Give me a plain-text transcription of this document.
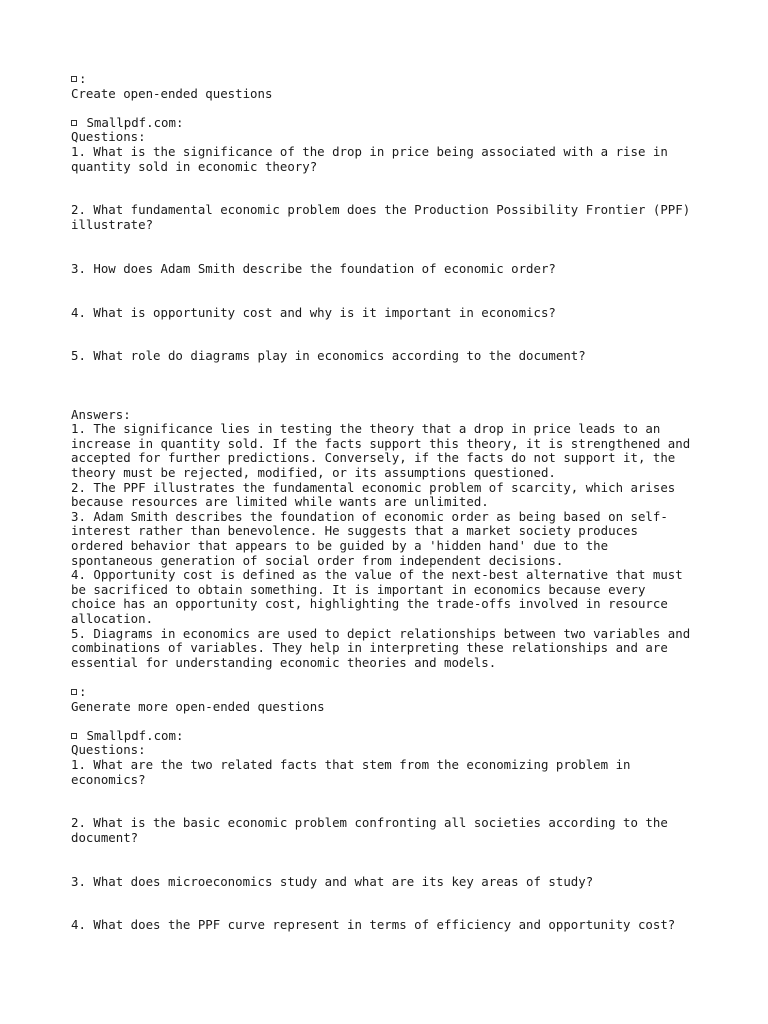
:
Create open-ended questions
Smallpdf.com:
Questions:
1. What is the significance of the drop in price being associated with a rise in
quantity sold in economic theory?
2. What fundamental economic problem does the Production Possibility Frontier (PPF)
illustrate?
3. How does Adam Smith describe the foundation of economic order?
4. What is opportunity cost and why is it important in economics?
5. What role do diagrams play in economics according to the document?
Answers:
1. The significance lies in testing the theory that a drop in price leads to an
increase in quantity sold. If the facts support this theory, it is strengthened and
accepted for further predictions. Conversely, if the facts do not support it, the
theory must be rejected, modified, or its assumptions questioned.
2. The PPF illustrates the fundamental economic problem of scarcity, which arises
because resources are limited while wants are unlimited.
3. Adam Smith describes the foundation of economic order as being based on self-
interest rather than benevolence. He suggests that a market society produces
ordered behavior that appears to be guided by a 'hidden hand' due to the
spontaneous generation of social order from independent decisions.
4. Opportunity cost is defined as the value of the next-best alternative that must
be sacrificed to obtain something. It is important in economics because every
choice has an opportunity cost, highlighting the trade-offs involved in resource
allocation.
5. Diagrams in economics are used to depict relationships between two variables and
combinations of variables. They help in interpreting these relationships and are
essential for understanding economic theories and models.
:
Generate more open-ended questions
Smallpdf.com:
Questions:
1. What are the two related facts that stem from the economizing problem in
economics?
2. What is the basic economic problem confronting all societies according to the
document?
3. What does microeconomics study and what are its key areas of study?
4. What does the PPF curve represent in terms of efficiency and opportunity cost?
